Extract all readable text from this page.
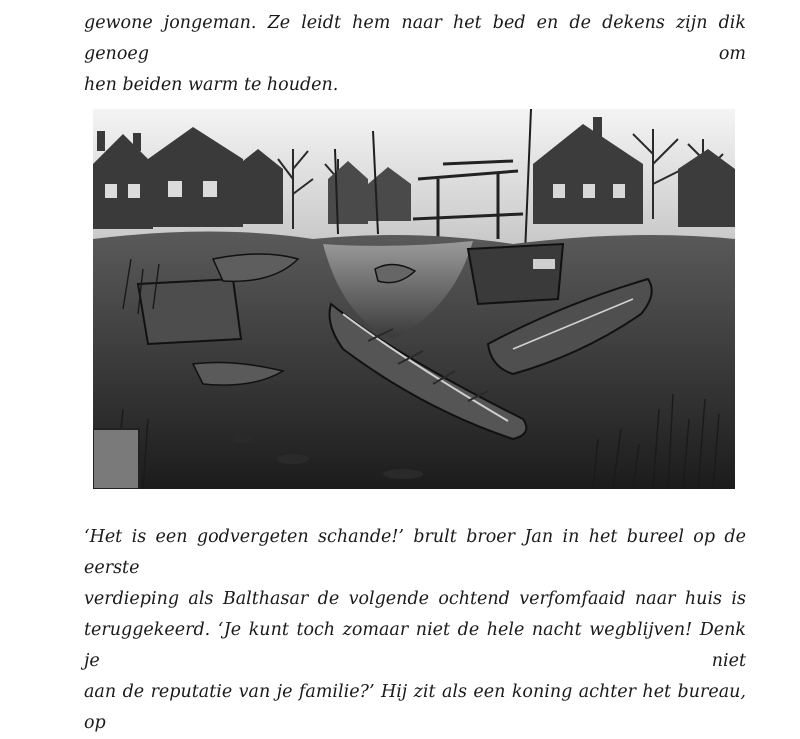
gewone jongeman. Ze leidt hem naar het bed en de dekens zijn dik genoeg om
hen beiden warm te houden.
‘Het is een godvergeten schande!’ brult broer Jan in het bureel op de eerste
verdieping als Balthasar de volgende ochtend verfomfaaid naar huis is
teruggekeerd. ‘Je kunt toch zomaar niet de hele nacht wegblijven! Denk je niet
aan de reputatie van je familie?’ Hij zit als een koning achter het bureau, op
